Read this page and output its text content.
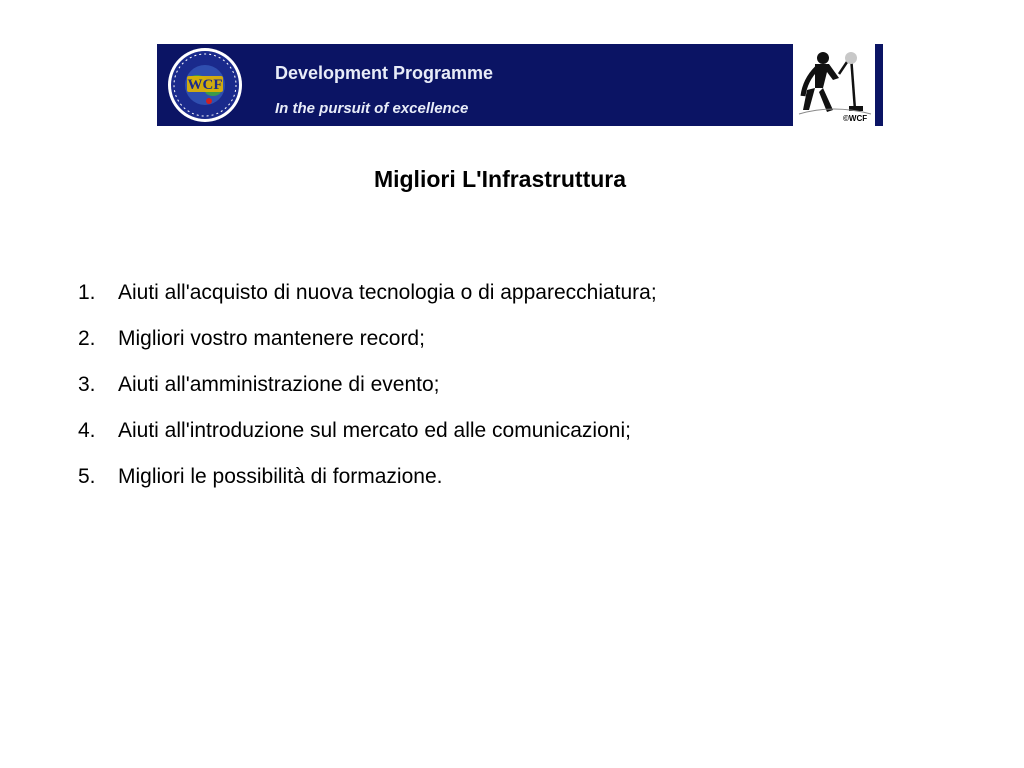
WCF
Development Programme
In the pursuit of excellence
©WCF
Migliori L'Infrastruttura
1.	Aiuti all'acquisto di nuova tecnologia o di apparecchiatura;
2.	Migliori vostro mantenere record;
3.	Aiuti all'amministrazione di evento;
4.	Aiuti all'introduzione sul mercato ed alle comunicazioni;
5.	Migliori le possibilità di formazione.
